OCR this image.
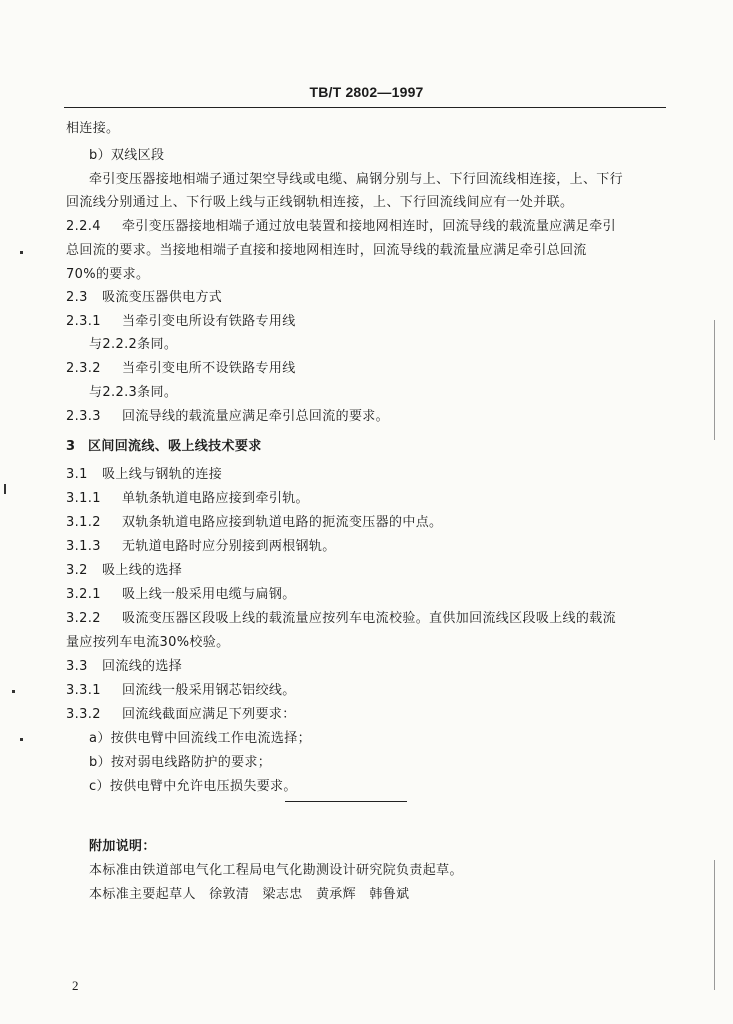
TB/T 2802—1997
相连接。
b）双线区段
牵引变压器接地相端子通过架空导线或电缆、扁钢分别与上、下行回流线相连接，上、下行
回流线分别通过上、下行吸上线与正线钢轨相连接，上、下行回流线间应有一处并联。
2.2.4 牵引变压器接地相端子通过放电装置和接地网相连时，回流导线的载流量应满足牵引
总回流的要求。当接地相端子直接和接地网相连时，回流导线的载流量应满足牵引总回流
70%的要求。
2.3 吸流变压器供电方式
2.3.1 当牵引变电所设有铁路专用线
与2.2.2条同。
2.3.2 当牵引变电所不设铁路专用线
与2.2.3条同。
2.3.3 回流导线的载流量应满足牵引总回流的要求。
3 区间回流线、吸上线技术要求
3.1 吸上线与钢轨的连接
3.1.1 单轨条轨道电路应接到牵引轨。
3.1.2 双轨条轨道电路应接到轨道电路的扼流变压器的中点。
3.1.3 无轨道电路时应分别接到两根钢轨。
3.2 吸上线的选择
3.2.1 吸上线一般采用电缆与扁钢。
3.2.2 吸流变压器区段吸上线的载流量应按列车电流校验。直供加回流线区段吸上线的载流
量应按列车电流30%校验。
3.3 回流线的选择
3.3.1 回流线一般采用钢芯铝绞线。
3.3.2 回流线截面应满足下列要求：
a）按供电臂中回流线工作电流选择；
b）按对弱电线路防护的要求；
c）按供电臂中允许电压损失要求。
附加说明：
本标准由铁道部电气化工程局电气化勘测设计研究院负责起草。
本标准主要起草人　徐敦清　梁志忠　黄承辉　韩鲁斌
2
